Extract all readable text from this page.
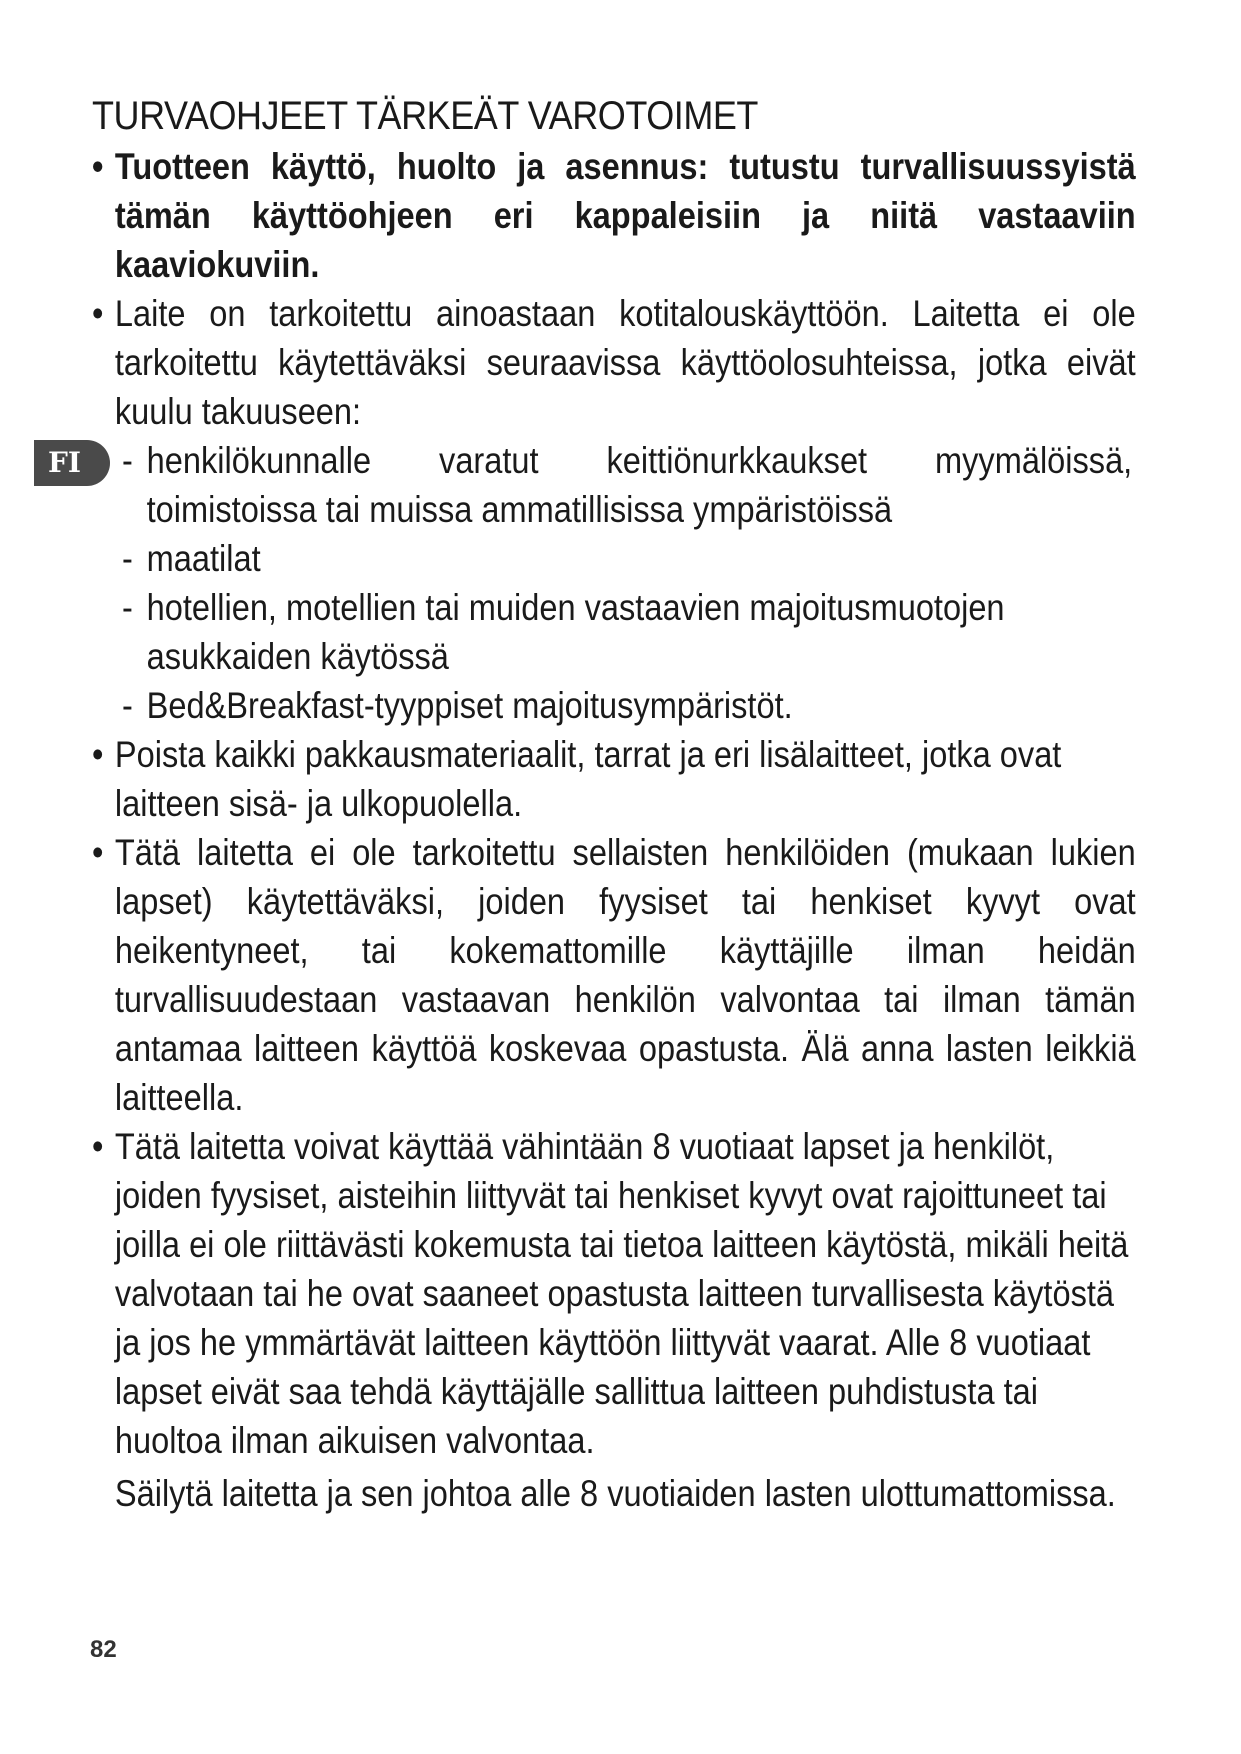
FI
TURVAOHJEET TÄRKEÄT VAROTOIMET
• Tuotteen käyttö, huolto ja asennus: tutustu turvallisuussyistä tämän käyttöohjeen eri kappaleisiin ja niitä vastaaviin kaaviokuviin.
• Laite on tarkoitettu ainoastaan kotitalouskäyttöön. Laitetta ei ole tarkoitettu käytettäväksi seuraavissa käyttöolosuhteissa, jotka eivät kuulu takuuseen:
- henkilökunnalle varatut keittiönurkkaukset myymälöissä, toimistoissa tai muissa ammatillisissa ympäristöissä
- maatilat
- hotellien, motellien tai muiden vastaavien majoitusmuotojen asukkaiden käytössä
- Bed&Breakfast-tyyppiset majoitusympäristöt.
• Poista kaikki pakkausmateriaalit, tarrat ja eri lisälaitteet, jotka ovat laitteen sisä- ja ulkopuolella.
• Tätä laitetta ei ole tarkoitettu sellaisten henkilöiden (mukaan lukien lapset) käytettäväksi, joiden fyysiset tai henkiset kyvyt ovat heikentyneet, tai kokemattomille käyttäjille ilman heidän turvallisuudestaan vastaavan henkilön valvontaa tai ilman tämän antamaa laitteen käyttöä koskevaa opastusta. Älä anna lasten leikkiä laitteella.
• Tätä laitetta voivat käyttää vähintään 8 vuotiaat lapset ja henkilöt, joiden fyysiset, aisteihin liittyvät tai henkiset kyvyt ovat rajoittuneet tai joilla ei ole riittävästi kokemusta tai tietoa laitteen käytöstä, mikäli heitä valvotaan tai he ovat saaneet opastusta laitteen turvallisesta käytöstä ja jos he ymmärtävät laitteen käyttöön liittyvät vaarat. Alle 8 vuotiaat lapset eivät saa tehdä käyttäjälle sallittua laitteen puhdistusta tai huoltoa ilman aikuisen valvontaa.
Säilytä laitetta ja sen johtoa alle 8 vuotiaiden lasten ulottumattomissa.
82
